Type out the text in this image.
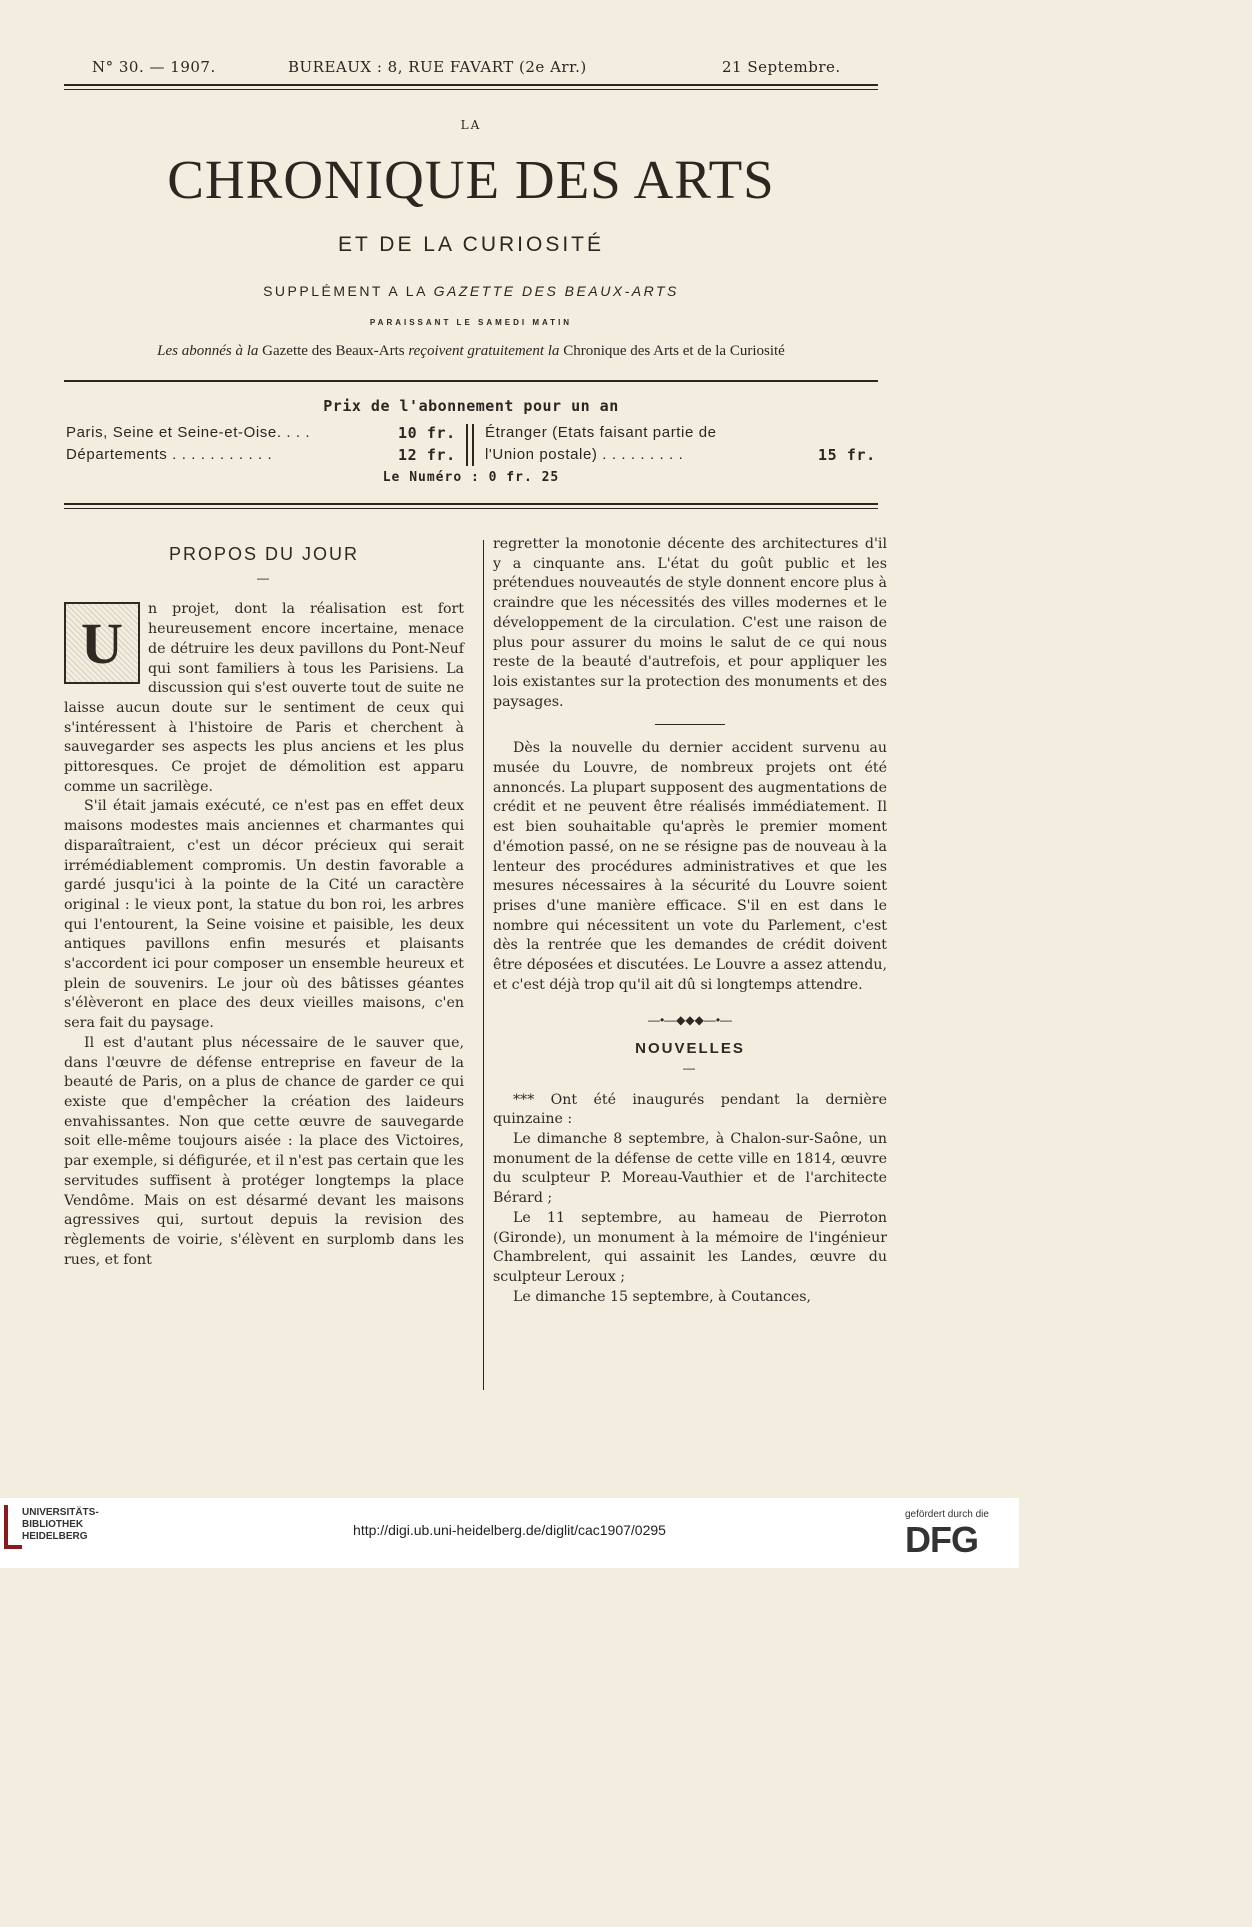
N° 30. — 1907.	BUREAUX : 8, RUE FAVART (2e Arr.)	21 Septembre.
LA
CHRONIQUE DES ARTS
ET DE LA CURIOSITÉ
SUPPLÉMENT A LA GAZETTE DES BEAUX-ARTS
PARAISSANT LE SAMEDI MATIN
Les abonnés à la Gazette des Beaux-Arts reçoivent gratuitement la Chronique des Arts et de la Curiosité
Prix de l'abonnement pour un an
Paris, Seine et Seine-et-Oise. . . .	10 fr.
Départements . . . . . . . . . . .	12 fr.
Étranger (Etats faisant partie de
l'Union postale) . . . . . . . . .	15 fr.
Le Numéro : 0 fr. 25
PROPOS DU JOUR
—
U

n projet, dont la réalisation est fort heureusement encore incertaine, menace de détruire les deux pavillons du Pont-Neuf qui sont familiers à tous les Parisiens. La discussion qui s'est ouverte tout de suite ne laisse aucun doute sur le sentiment de ceux qui s'intéressent à l'histoire de Paris et cherchent à sauvegarder ses aspects les plus anciens et les plus pittoresques. Ce projet de démolition est apparu comme un sacrilège.

S'il était jamais exécuté, ce n'est pas en effet deux maisons modestes mais anciennes et charmantes qui disparaîtraient, c'est un décor précieux qui serait irrémédiablement compromis. Un destin favorable a gardé jusqu'ici à la pointe de la Cité un caractère original : le vieux pont, la statue du bon roi, les arbres qui l'entourent, la Seine voisine et paisible, les deux antiques pavillons enfin mesurés et plaisants s'accordent ici pour composer un ensemble heureux et plein de souvenirs. Le jour où des bâtisses géantes s'élèveront en place des deux vieilles maisons, c'en sera fait du paysage.

Il est d'autant plus nécessaire de le sauver que, dans l'œuvre de défense entreprise en faveur de la beauté de Paris, on a plus de chance de garder ce qui existe que d'empêcher la création des laideurs envahissantes. Non que cette œuvre de sauvegarde soit elle-même toujours aisée : la place des Victoires, par exemple, si défigurée, et il n'est pas certain que les servitudes suffisent à protéger longtemps la place Vendôme. Mais on est désarmé devant les maisons agressives qui, surtout depuis la revision des règlements de voirie, s'élèvent en surplomb dans les rues, et font

regretter la monotonie décente des architectures d'il y a cinquante ans. L'état du goût public et les prétendues nouveautés de style donnent encore plus à craindre que les nécessités des villes modernes et le développement de la circulation. C'est une raison de plus pour assurer du moins le salut de ce qui nous reste de la beauté d'autrefois, et pour appliquer les lois existantes sur la protection des monuments et des paysages.

Dès la nouvelle du dernier accident survenu au musée du Louvre, de nombreux projets ont été annoncés. La plupart supposent des augmentations de crédit et ne peuvent être réalisés immédiatement. Il est bien souhaitable qu'après le premier moment d'émotion passé, on ne se résigne pas de nouveau à la lenteur des procédures administratives et que les mesures nécessaires à la sécurité du Louvre soient prises d'une manière efficace. S'il en est dans le nombre qui nécessitent un vote du Parlement, c'est dès la rentrée que les demandes de crédit doivent être déposées et discutées. Le Louvre a assez attendu, et c'est déjà trop qu'il ait dû si longtemps attendre.

—•—◆◆◆—•—
NOUVELLES
—

*** Ont été inaugurés pendant la dernière quinzaine :

Le dimanche 8 septembre, à Chalon-sur-Saône, un monument de la défense de cette ville en 1814, œuvre du sculpteur P. Moreau-Vauthier et de l'architecte Bérard ;

Le 11 septembre, au hameau de Pierroton (Gironde), un monument à la mémoire de l'ingénieur Chambrelent, qui assainit les Landes, œuvre du sculpteur Leroux ;

Le dimanche 15 septembre, à Coutances,

UNIVERSITÄTS-
BIBLIOTHEK
HEIDELBERG	http://digi.ub.uni-heidelberg.de/diglit/cac1907/0295
gefördert durch die
DFG
